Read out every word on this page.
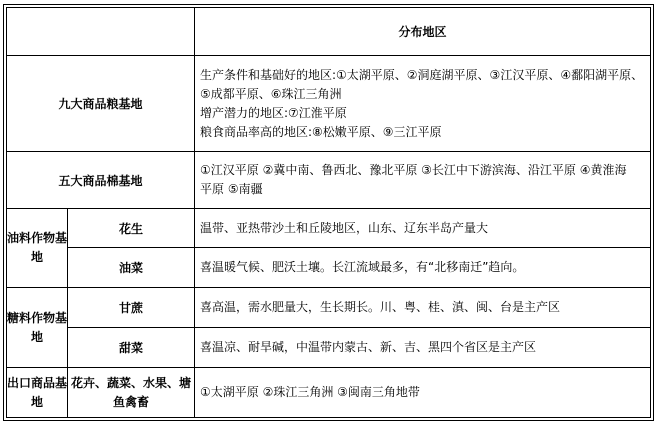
		分布地区
九大商品粮基地		生产条件和基础好的地区:①太湖平原、②洞庭湖平原、③江汉平原、④鄱阳湖平原、
⑤成都平原、⑥珠江三角洲
增产潜力的地区:⑦江淮平原
粮食商品率高的地区:⑧松嫩平原、⑨三江平原

五大商品棉基地		①江汉平原 ②冀中南、鲁西北、豫北平原 ③长江中下游滨海、沿江平原 ④黄淮海
平原 ⑤南疆

油料作物基地	花生	温带、亚热带沙土和丘陵地区，山东、辽东半岛产量大
	油菜	喜温暖气候、肥沃土壤。长江流域最多，有“北移南迁”趋向。
糖料作物基地	甘蔗	喜高温，需水肥量大，生长期长。川、粤、桂、滇、闽、台是主产区
	甜菜	喜温凉、耐旱碱，中温带内蒙古、新、吉、黑四个省区是主产区
出口商品基地	花卉、蔬菜、水果、塘鱼禽畜	①太湖平原 ②珠江三角洲 ③闽南三角地带
